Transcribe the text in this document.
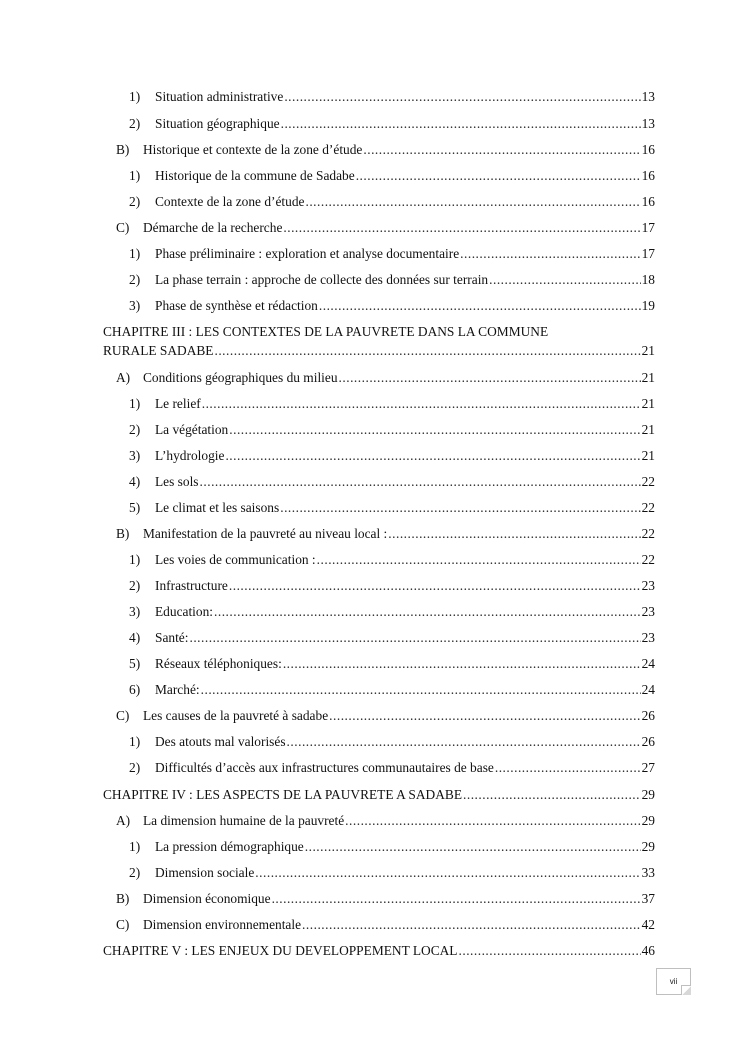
1)	Situation administrative .....	13
2)	Situation géographique .....	13
B)	Historique et contexte de la zone d’étude .....	16
1)	Historique de la commune de Sadabe .....	16
2)	Contexte de la zone d’étude .....	16
C)	Démarche de la recherche .....	17
1)	Phase préliminaire : exploration et analyse documentaire .....	17
2)	La phase terrain : approche de collecte des données sur terrain .....	18
3)	Phase de synthèse et rédaction .....	19
CHAPITRE III : LES CONTEXTES DE LA PAUVRETE DANS LA COMMUNE
RURALE SADABE .....	21
A) Conditions géographiques du milieu .....	21
1)	Le relief .....	21
2)	La végétation .....	21
3)	L’hydrologie .....	21
4)	Les sols .....	22
5)	Le climat et les saisons .....	22
B)	Manifestation de la pauvreté au niveau local : .....	22
1)	Les voies de communication : .....	22
2)	Infrastructure .....	23
3)	Education: .....	23
4)	Santé: .....	23
5)	Réseaux téléphoniques: .....	24
6)	Marché: .....	24
C)	Les causes de la pauvreté à sadabe .....	26
1)	Des atouts mal valorisés .....	26
2)	Difficultés d’accès aux infrastructures communautaires de base .....	27
CHAPITRE IV : LES ASPECTS DE LA PAUVRETE A SADABE .....	29
A) La dimension humaine de la pauvreté .....	29
1)	La pression démographique .....	29
2)	Dimension sociale .....	33
B)	Dimension économique .....	37
C)	Dimension environnementale .....	42
CHAPITRE V : LES ENJEUX DU DEVELOPPEMENT LOCAL .....	46
vii
